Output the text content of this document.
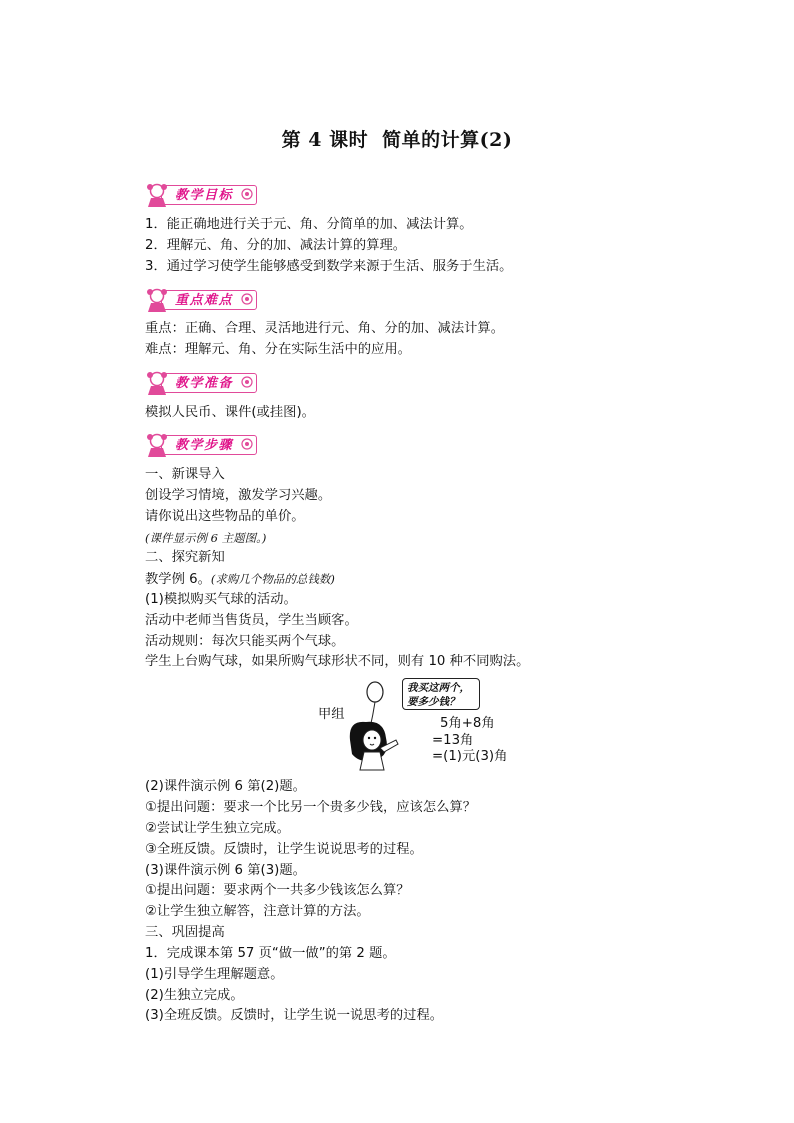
第 4 课时 简单的计算(2)
教学目标
1．能正确地进行关于元、角、分简单的加、减法计算。
2．理解元、角、分的加、减法计算的算理。
3．通过学习使学生能够感受到数学来源于生活、服务于生活。
重点难点
重点：正确、合理、灵活地进行元、角、分的加、减法计算。
难点：理解元、角、分在实际生活中的应用。
教学准备
模拟人民币、课件(或挂图)。
教学步骤
一、新课导入
创设学习情境，激发学习兴趣。
请你说出这些物品的单价。
(课件显示例 6 主题图。)
二、探究新知
教学例 6。(求购几个物品的总钱数)
(1)模拟购买气球的活动。
活动中老师当售货员，学生当顾客。
活动规则：每次只能买两个气球。
学生上台购气球，如果所购气球形状不同，则有 10 种不同购法。
甲组
我买这两个，
要多少钱？
5角+8角
=13角
=(1)元(3)角
(2)课件演示例 6 第(2)题。
①提出问题：要求一个比另一个贵多少钱，应该怎么算？
②尝试让学生独立完成。
③全班反馈。反馈时，让学生说说思考的过程。
(3)课件演示例 6 第(3)题。
①提出问题：要求两个一共多少钱该怎么算？
②让学生独立解答，注意计算的方法。
三、巩固提高
1．完成课本第 57 页“做一做”的第 2 题。
(1)引导学生理解题意。
(2)生独立完成。
(3)全班反馈。反馈时，让学生说一说思考的过程。
